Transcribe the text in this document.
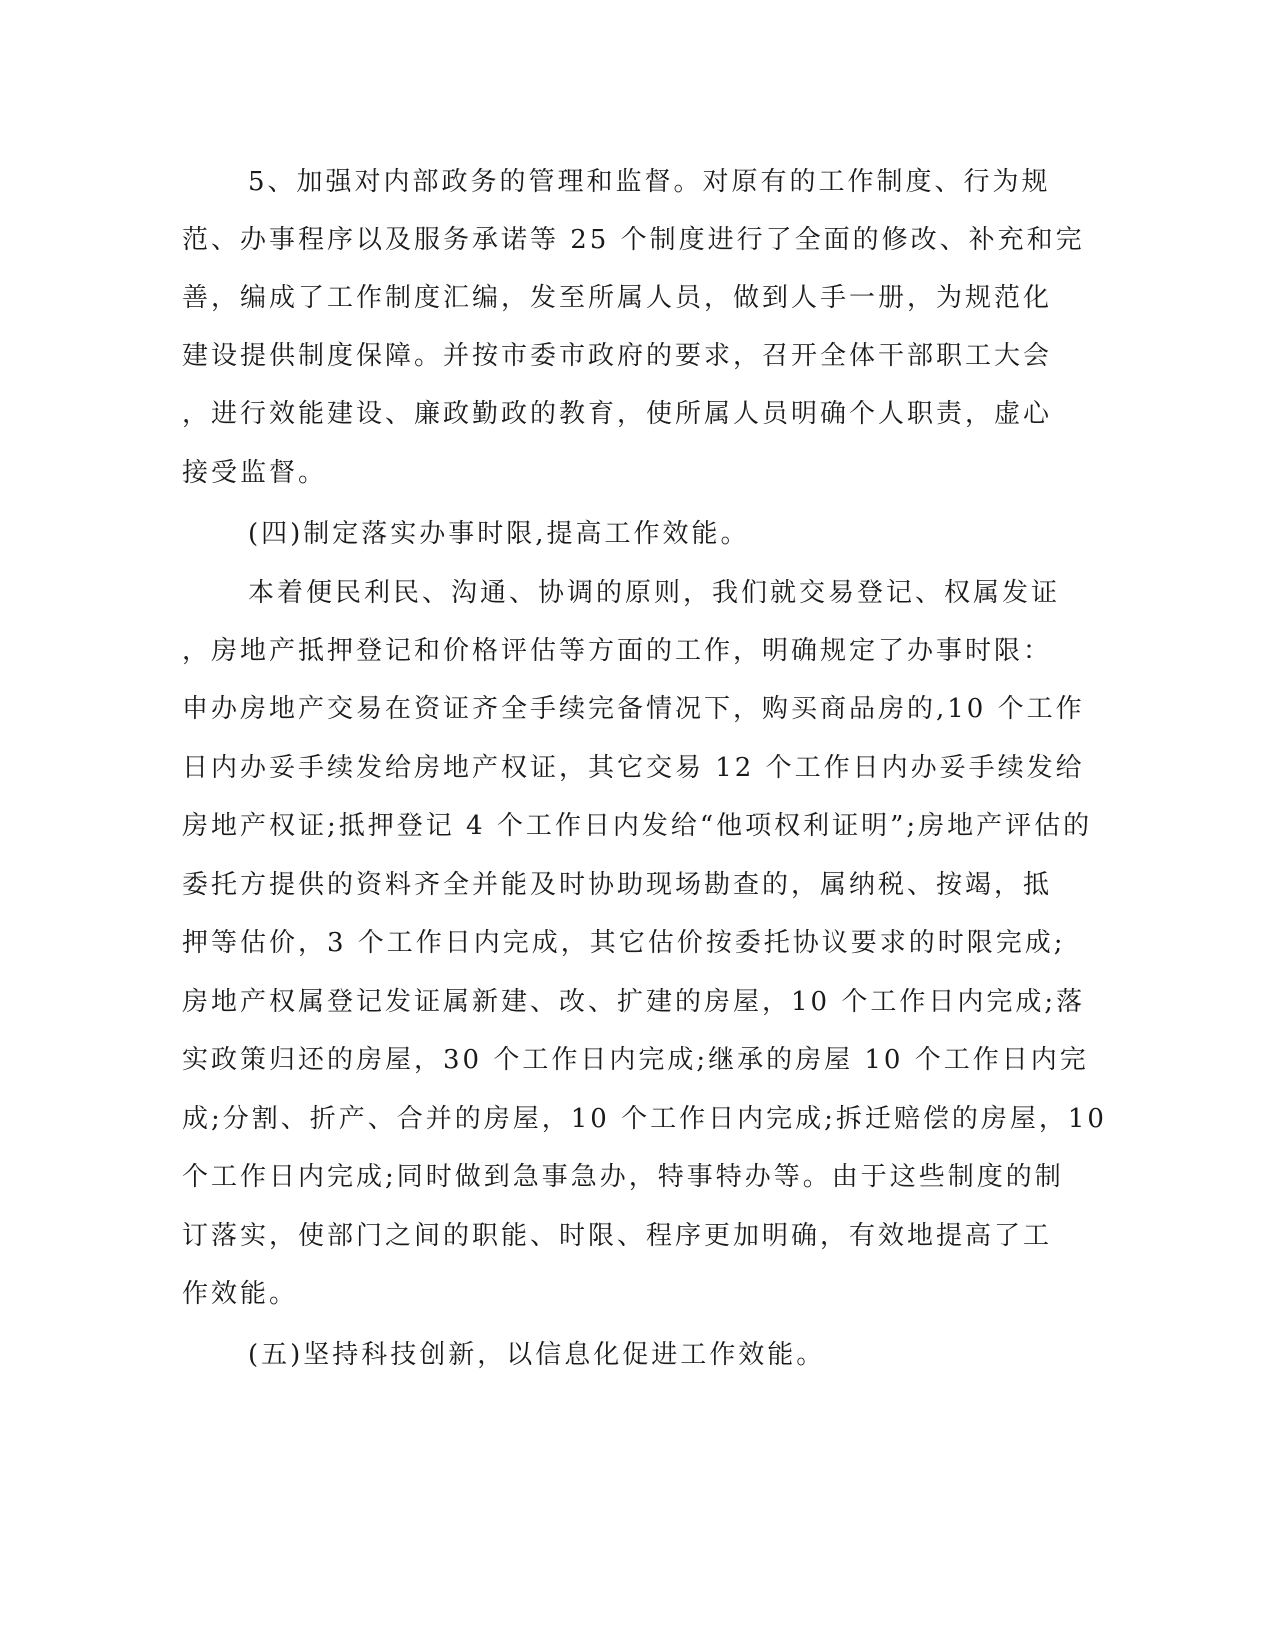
5、加强对内部政务的管理和监督。对原有的工作制度、行为规
范、办事程序以及服务承诺等 25 个制度进行了全面的修改、补充和完
善，编成了工作制度汇编，发至所属人员，做到人手一册，为规范化
建设提供制度保障。并按市委市政府的要求，召开全体干部职工大会
，进行效能建设、廉政勤政的教育，使所属人员明确个人职责，虚心
接受监督。
(四)制定落实办事时限,提高工作效能。
本着便民利民、沟通、协调的原则，我们就交易登记、权属发证
，房地产抵押登记和价格评估等方面的工作，明确规定了办事时限：
申办房地产交易在资证齐全手续完备情况下，购买商品房的,10 个工作
日内办妥手续发给房地产权证，其它交易 12 个工作日内办妥手续发给
房地产权证;抵押登记 4 个工作日内发给“他项权利证明”;房地产评估的
委托方提供的资料齐全并能及时协助现场勘查的，属纳税、按竭，抵
押等估价，3 个工作日内完成，其它估价按委托协议要求的时限完成;
房地产权属登记发证属新建、改、扩建的房屋，10 个工作日内完成;落
实政策归还的房屋，30 个工作日内完成;继承的房屋 10 个工作日内完
成;分割、折产、合并的房屋，10 个工作日内完成;拆迁赔偿的房屋，10
个工作日内完成;同时做到急事急办，特事特办等。由于这些制度的制
订落实，使部门之间的职能、时限、程序更加明确，有效地提高了工
作效能。
(五)坚持科技创新，以信息化促进工作效能。
